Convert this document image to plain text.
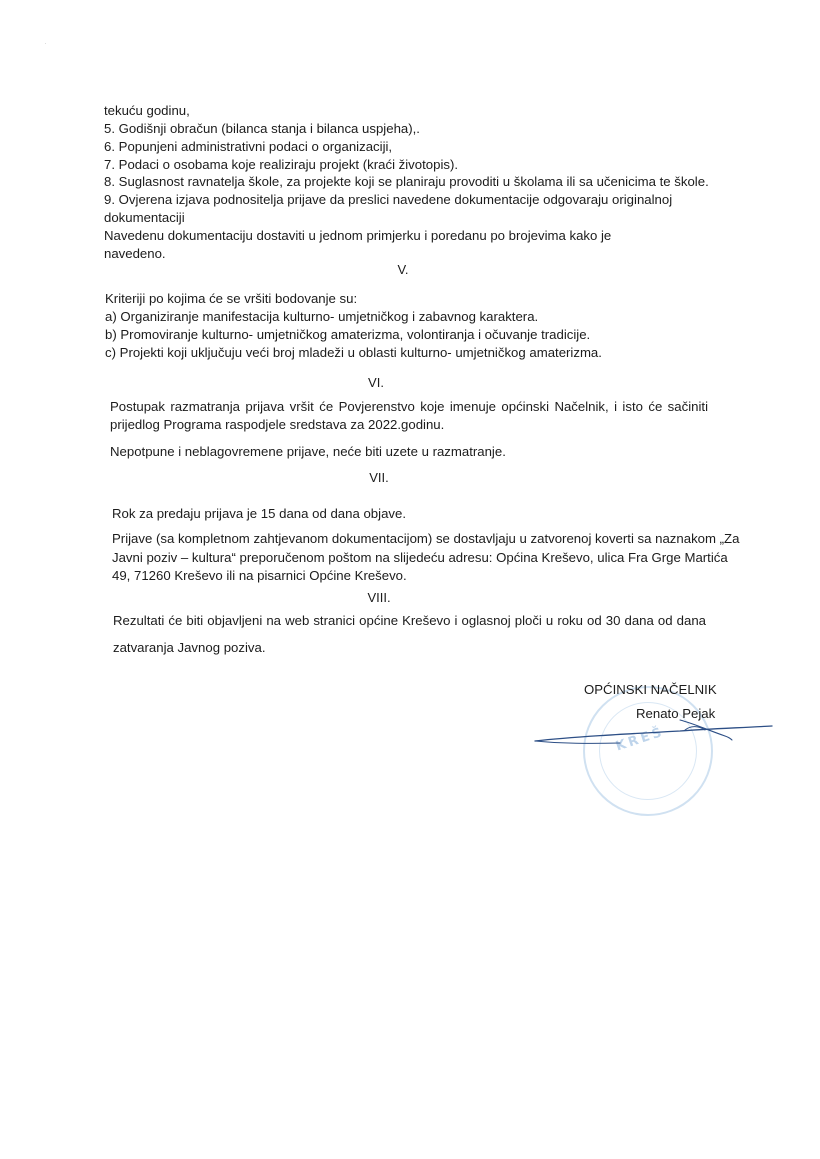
·
tekuću godinu,
5. Godišnji obračun (bilanca stanja i bilanca uspjeha),.
6. Popunjeni administrativni podaci o organizaciji,
7. Podaci o osobama koje realiziraju projekt (kraći životopis).
8. Suglasnost ravnatelja škole, za projekte koji se planiraju provoditi u školama ili sa učenicima te škole.
9. Ovjerena izjava podnositelja prijave da preslici navedene dokumentacije odgovaraju originalnoj
dokumentaciji
Navedenu dokumentaciju dostaviti u jednom primjerku i poredanu po brojevima kako je
navedeno.
V.
Kriteriji po kojima će se vršiti bodovanje su:
a) Organiziranje manifestacija kulturno- umjetničkog i zabavnog karaktera.
b) Promoviranje kulturno- umjetničkog amaterizma, volontiranja i očuvanje tradicije.
c) Projekti koji uključuju veći broj mladeži u oblasti kulturno- umjetničkog amaterizma.
VI.
Postupak razmatranja prijava vršit će Povjerenstvo koje imenuje općinski Načelnik, i isto će sačiniti
prijedlog Programa raspodjele sredstava za 2022.godinu.
Nepotpune i neblagovremene prijave, neće biti uzete u razmatranje.
VII.
Rok za predaju prijava je 15 dana od dana objave.
Prijave (sa kompletnom zahtjevanom dokumentacijom) se dostavljaju u zatvorenoj koverti sa naznakom „Za
Javni poziv – kultura“ preporučenom poštom na slijedeću adresu: Općina Kreševo, ulica Fra Grge Martića
49, 71260 Kreševo ili na pisarnici Općine Kreševo.
VIII.
Rezultati će biti objavljeni na web stranici općine Kreševo i oglasnoj ploči u roku od 30 dana od dana
zatvaranja Javnog poziva.
KREŠ
OPĆINSKI NAČELNIK
Renato Pejak
